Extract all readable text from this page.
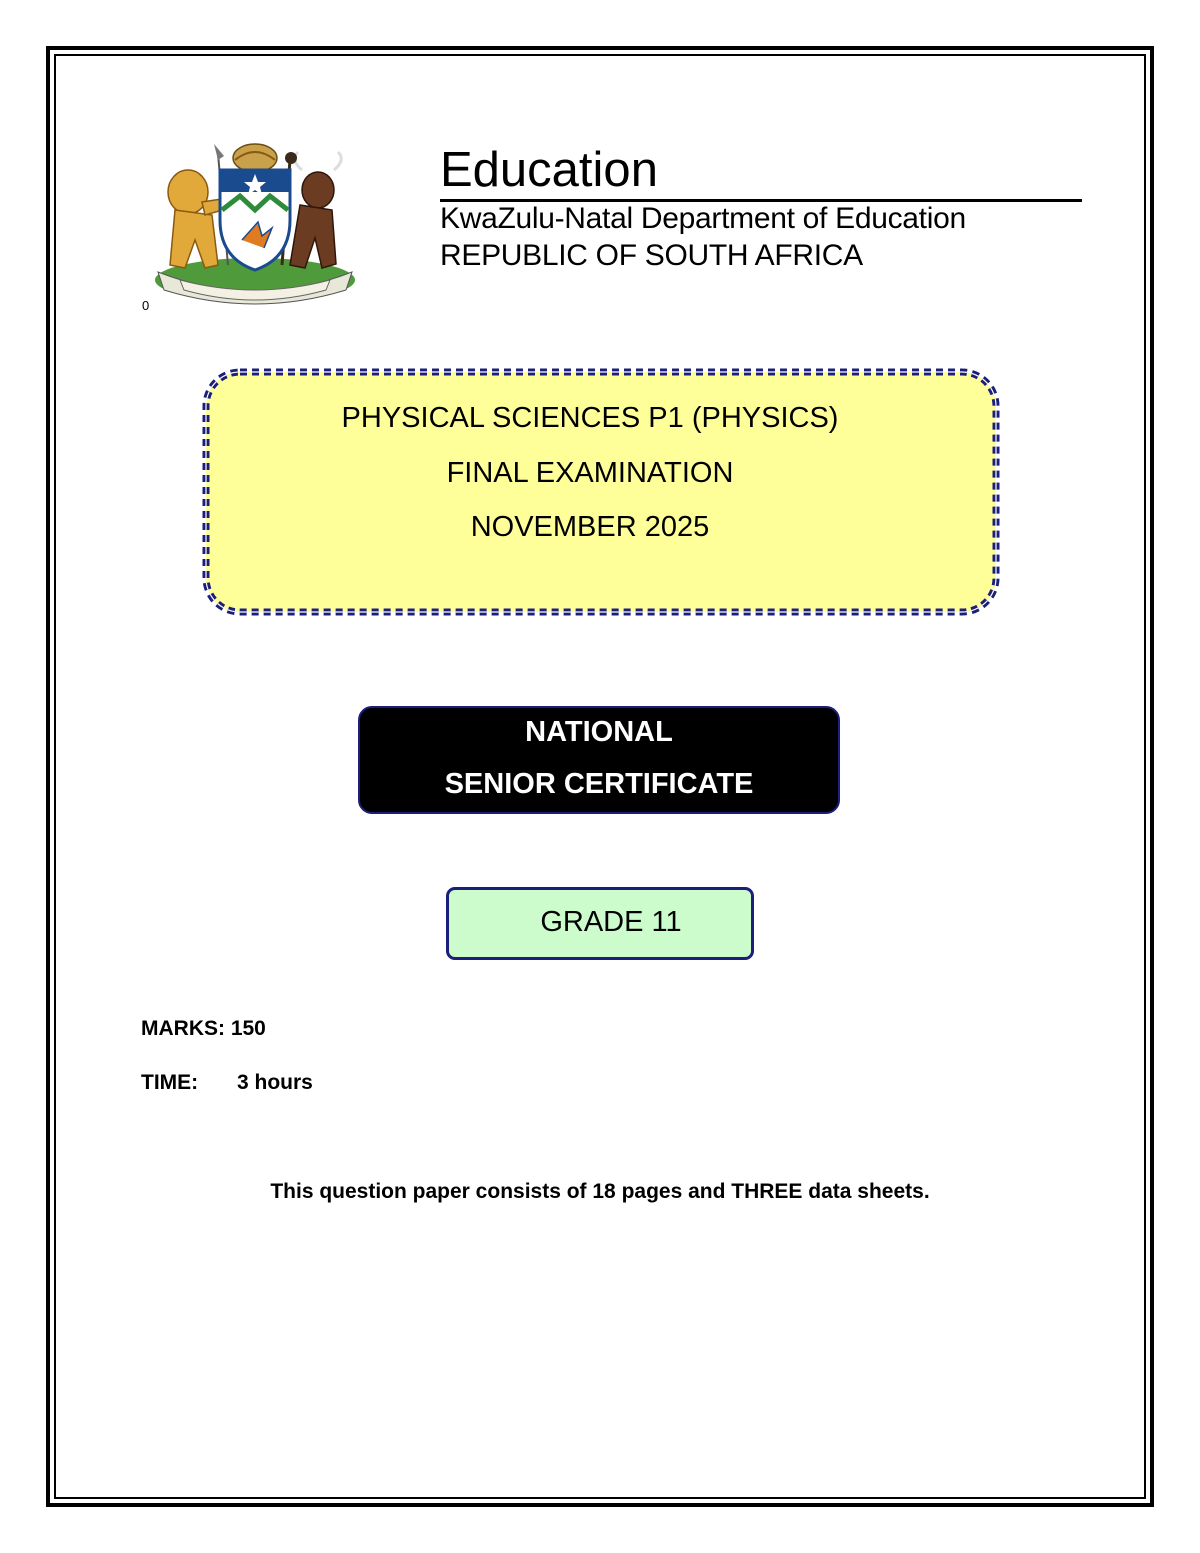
0
Education
KwaZulu-Natal Department of Education
REPUBLIC OF SOUTH AFRICA
PHYSICAL SCIENCES P1 (PHYSICS)
FINAL EXAMINATION
NOVEMBER 2025
NATIONAL
SENIOR CERTIFICATE
GRADE 11
MARKS: 150
TIME: 3 hours
This question paper consists of 18 pages and THREE data sheets.
